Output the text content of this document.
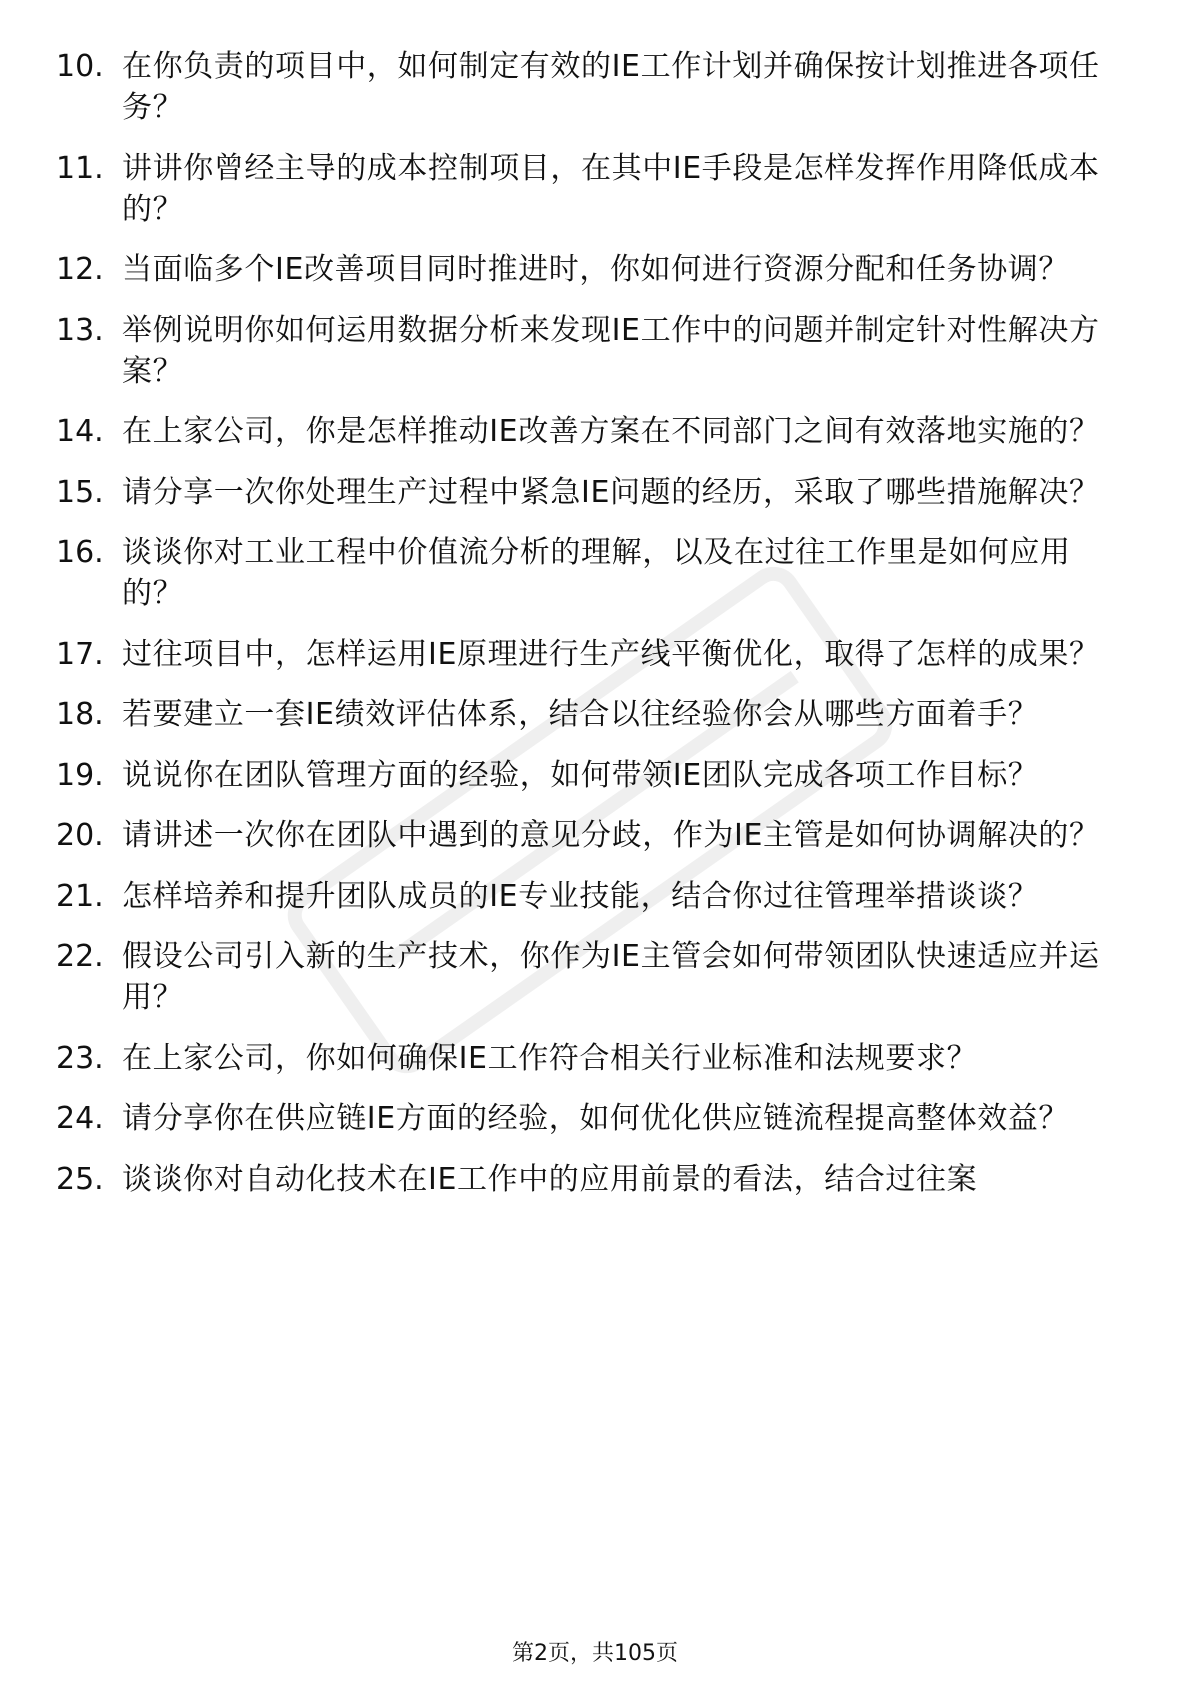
10. 在你负责的项目中，如何制定有效的IE工作计划并确保按计划推进各项任务？
11. 讲讲你曾经主导的成本控制项目，在其中IE手段是怎样发挥作用降低成本的？
12. 当面临多个IE改善项目同时推进时，你如何进行资源分配和任务协调？
13. 举例说明你如何运用数据分析来发现IE工作中的问题并制定针对性解决方案？
14. 在上家公司，你是怎样推动IE改善方案在不同部门之间有效落地实施的？
15. 请分享一次你处理生产过程中紧急IE问题的经历，采取了哪些措施解决？
16. 谈谈你对工业工程中价值流分析的理解，以及在过往工作里是如何应用的？
17. 过往项目中，怎样运用IE原理进行生产线平衡优化，取得了怎样的成果？
18. 若要建立一套IE绩效评估体系，结合以往经验你会从哪些方面着手？
19. 说说你在团队管理方面的经验，如何带领IE团队完成各项工作目标？
20. 请讲述一次你在团队中遇到的意见分歧，作为IE主管是如何协调解决的？
21. 怎样培养和提升团队成员的IE专业技能，结合你过往管理举措谈谈？
22. 假设公司引入新的生产技术，你作为IE主管会如何带领团队快速适应并运用？
23. 在上家公司，你如何确保IE工作符合相关行业标准和法规要求？
24. 请分享你在供应链IE方面的经验，如何优化供应链流程提高整体效益？
25. 谈谈你对自动化技术在IE工作中的应用前景的看法，结合过往案
第2页，共105页
